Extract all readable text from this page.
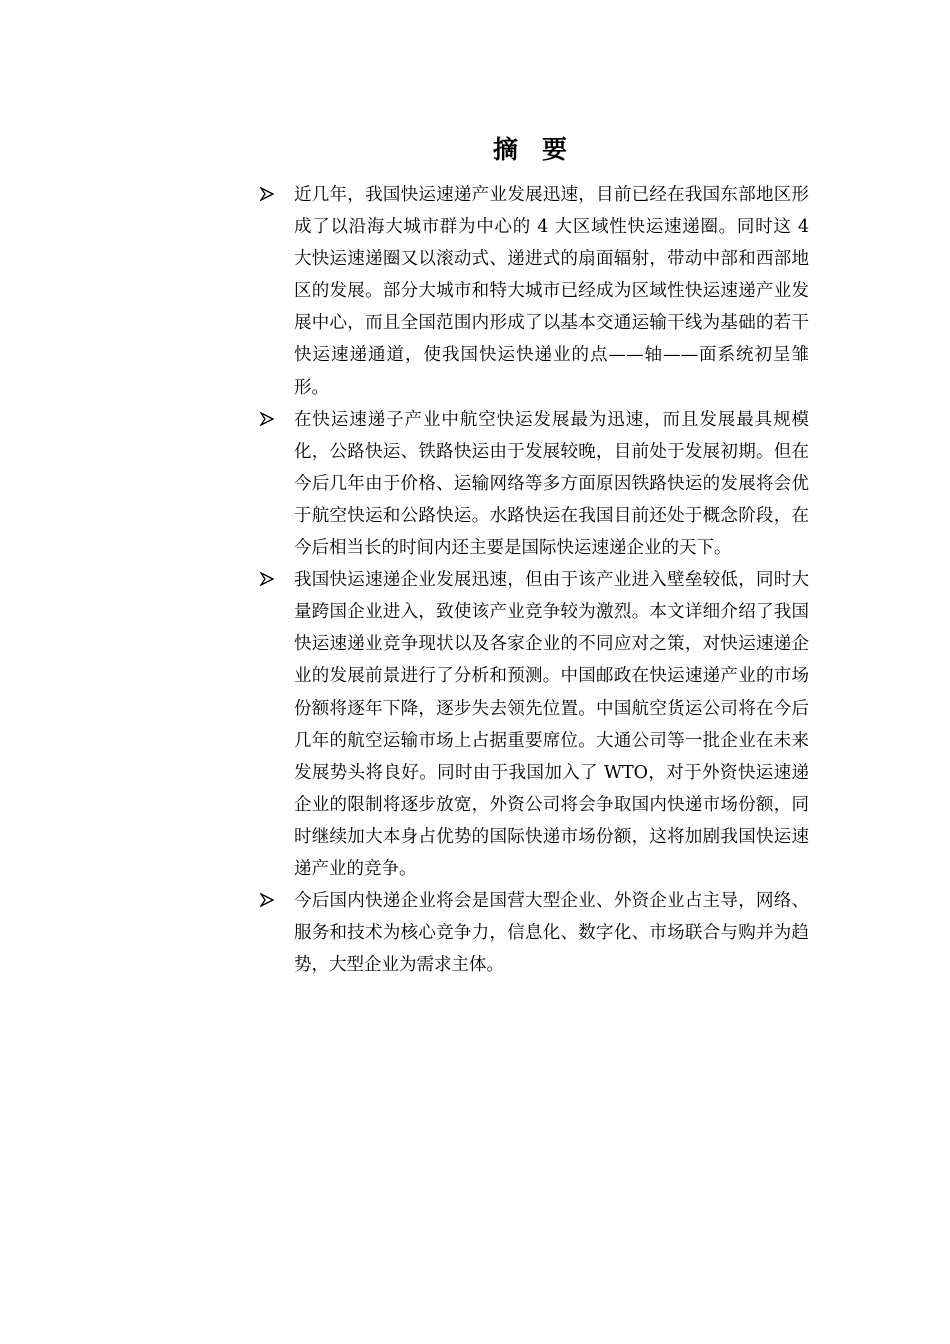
摘要
近几年，我国快运速递产业发展迅速，目前已经在我国东部地区形成了以沿海大城市群为中心的 4 大区域性快运速递圈。同时这 4 大快运速递圈又以滚动式、递进式的扇面辐射，带动中部和西部地区的发展。部分大城市和特大城市已经成为区域性快运速递产业发展中心，而且全国范围内形成了以基本交通运输干线为基础的若干快运速递通道，使我国快运快递业的点——轴——面系统初呈雏形。
在快运速递子产业中航空快运发展最为迅速，而且发展最具规模化，公路快运、铁路快运由于发展较晚，目前处于发展初期。但在今后几年由于价格、运输网络等多方面原因铁路快运的发展将会优于航空快运和公路快运。水路快运在我国目前还处于概念阶段，在今后相当长的时间内还主要是国际快运速递企业的天下。
我国快运速递企业发展迅速，但由于该产业进入壁垒较低，同时大量跨国企业进入，致使该产业竞争较为激烈。本文详细介绍了我国快运速递业竞争现状以及各家企业的不同应对之策，对快运速递企业的发展前景进行了分析和预测。中国邮政在快运速递产业的市场份额将逐年下降，逐步失去领先位置。中国航空货运公司将在今后几年的航空运输市场上占据重要席位。大通公司等一批企业在未来发展势头将良好。同时由于我国加入了 WTO，对于外资快运速递企业的限制将逐步放宽，外资公司将会争取国内快递市场份额，同时继续加大本身占优势的国际快递市场份额，这将加剧我国快运速递产业的竞争。
今后国内快递企业将会是国营大型企业、外资企业占主导，网络、服务和技术为核心竞争力，信息化、数字化、市场联合与购并为趋势，大型企业为需求主体。
